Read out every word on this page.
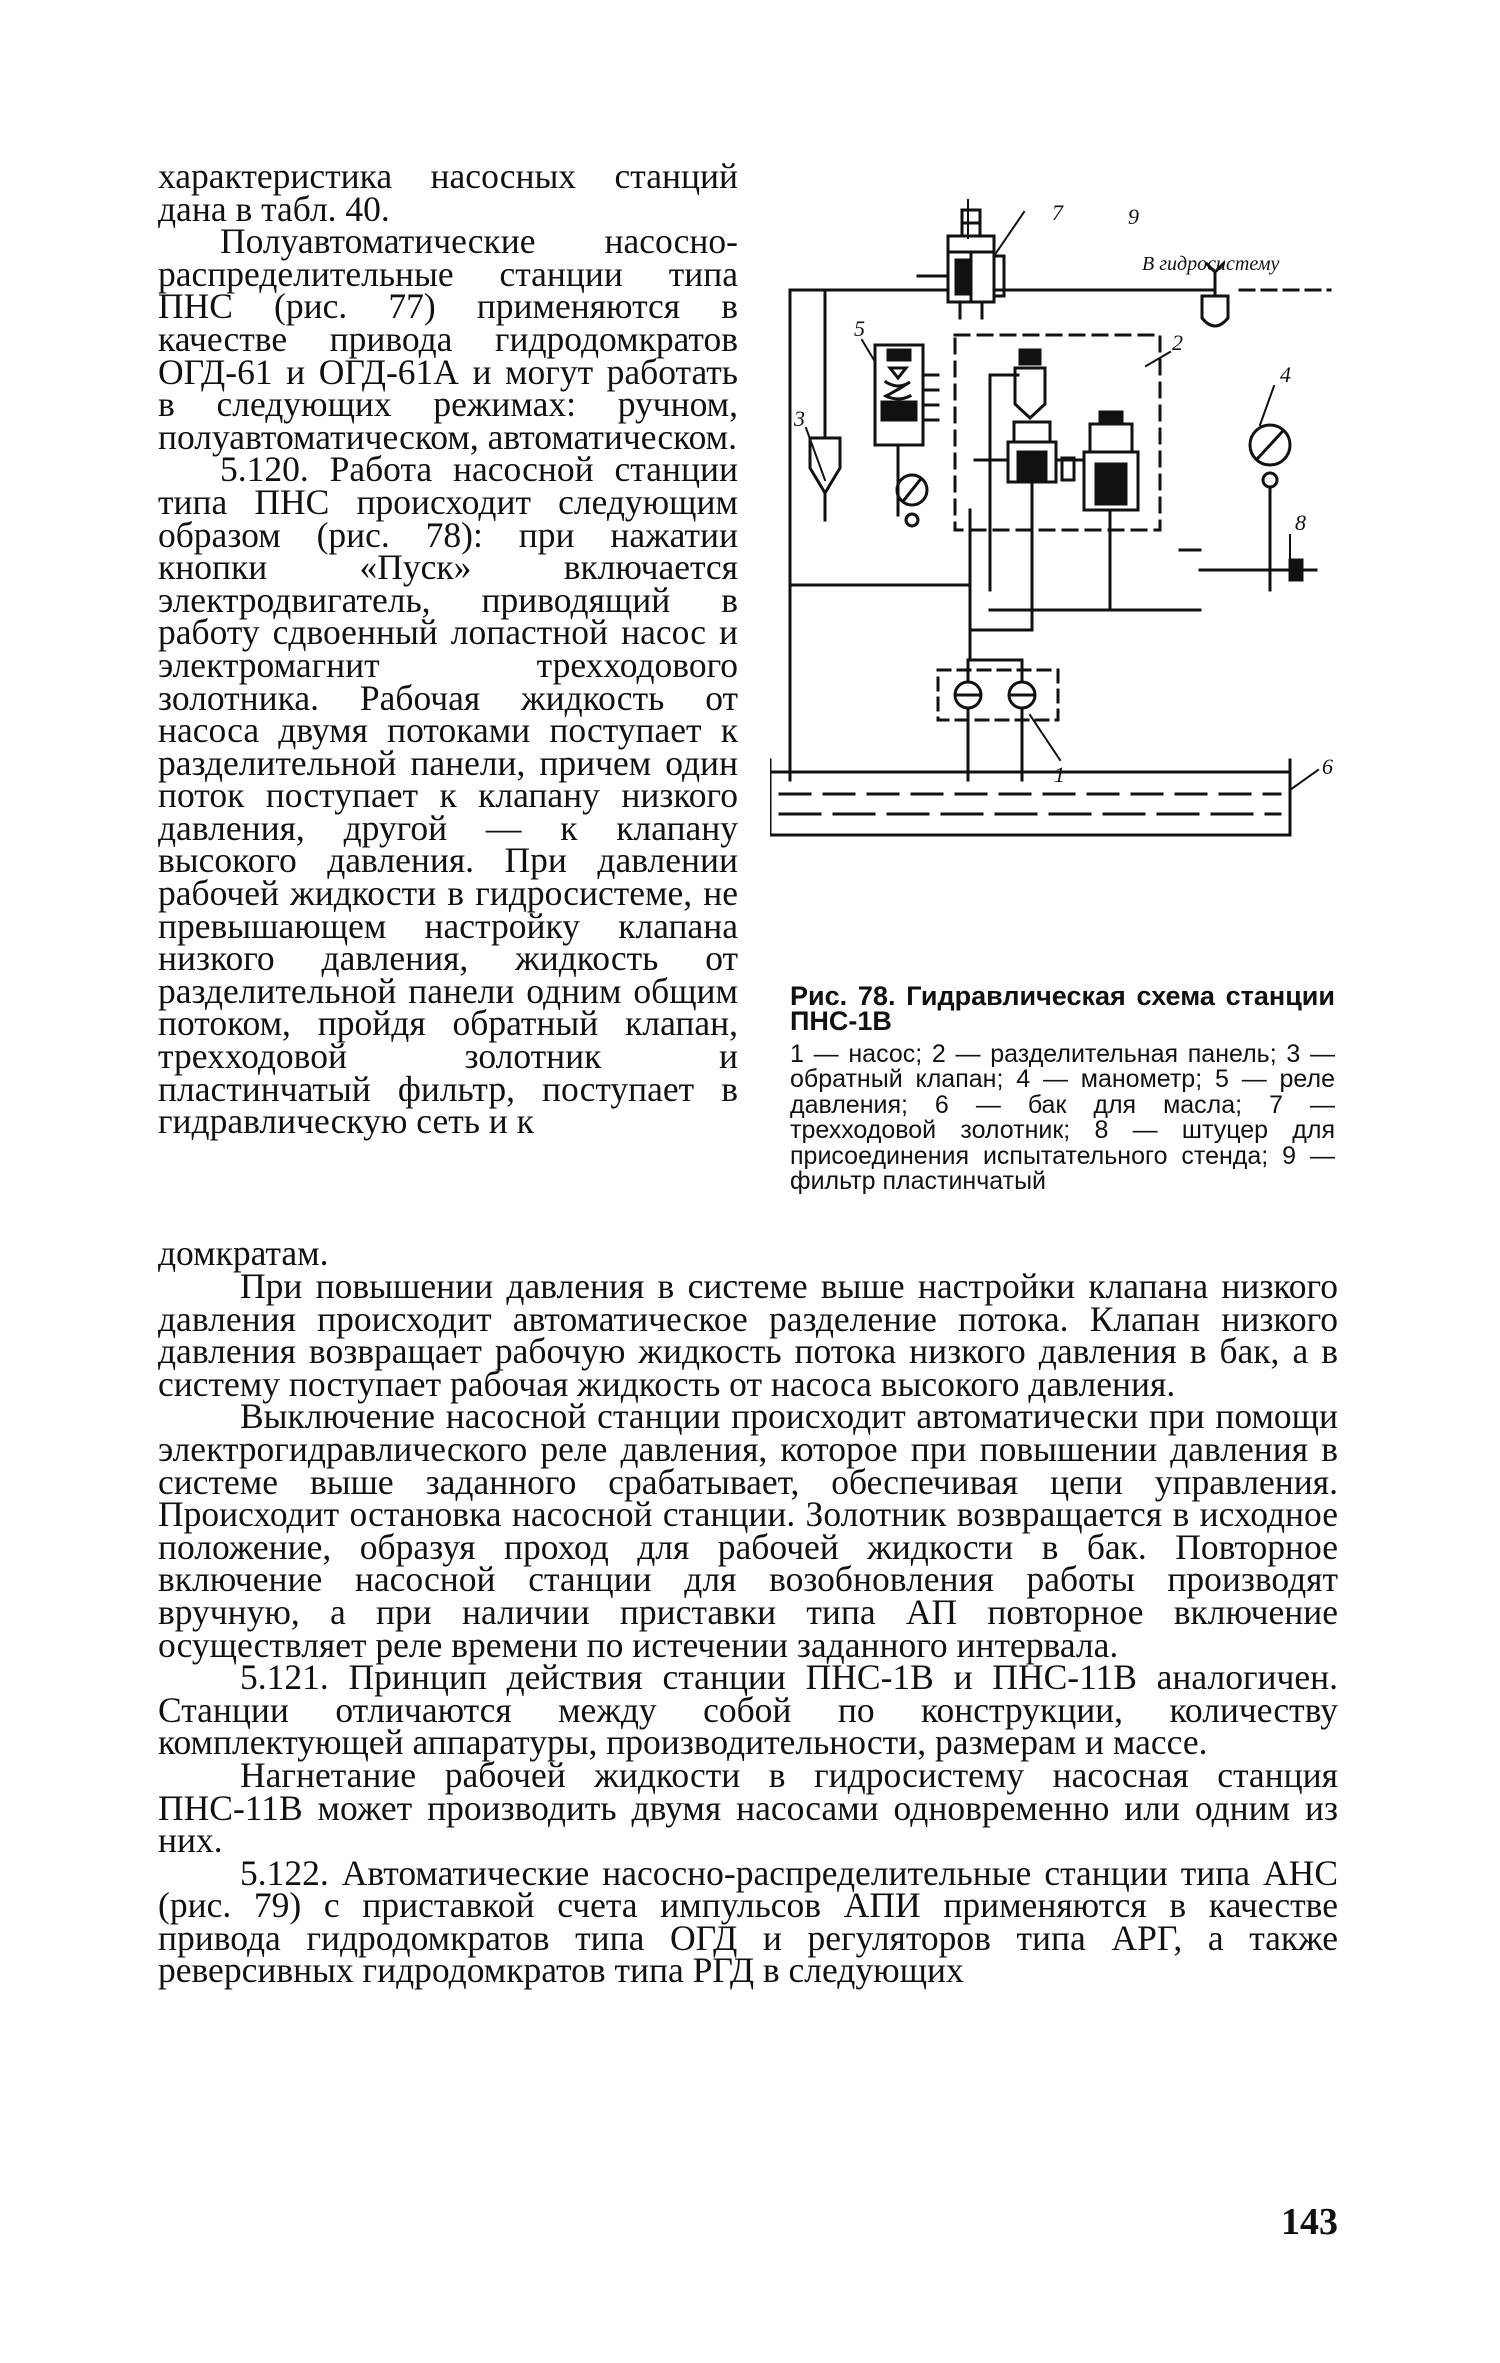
характеристика насосных станций дана в табл. 40.

Полуавтоматические насосно-распределительные станции типа ПНС (рис. 77) применяются в качестве привода гидродомкратов ОГД-61 и ОГД-61А и могут работать в следующих режимах: ручном, полуавтоматическом, автоматическом.

5.120. Работа насосной станции типа ПНС происходит следующим образом (рис. 78): при нажатии кнопки «Пуск» включается электродвигатель, приводящий в работу сдвоенный лопастной насос и электромагнит трехходового золотника. Рабочая жидкость от насоса двумя потоками поступает к разделительной панели, причем один поток поступает к клапану низкого давления, другой — к клапану высокого давления. При давлении рабочей жидкости в гидросистеме, не превышающем настройку клапана низкого давления, жидкость от разделительной панели одним общим потоком, пройдя обратный клапан, трехходовой золотник и пластинчатый фильтр, поступает в гидравлическую сеть и к

7	9
В гидросистему
2
4
5
3
8
1	6

Рис. 78. Гидравлическая схема станции ПНС-1В

1 — насос; 2 — разделительная панель; 3 — обратный клапан; 4 — манометр; 5 — реле давления; 6 — бак для масла; 7 — трехходовой золотник; 8 — штуцер для присоединения испытательного стенда; 9 — фильтр пластинчатый

домкратам.

При повышении давления в системе выше настройки клапана низкого давления происходит автоматическое разделение потока. Клапан низкого давления возвращает рабочую жидкость потока низкого давления в бак, а в систему поступает рабочая жидкость от насоса высокого давления.

Выключение насосной станции происходит автоматически при помощи электрогидравлического реле давления, которое при повышении давления в системе выше заданного срабатывает, обеспечивая цепи управления. Происходит остановка насосной станции. Золотник возвращается в исходное положение, образуя проход для рабочей жидкости в бак. Повторное включение насосной станции для возобновления работы производят вручную, а при наличии приставки типа АП повторное включение осуществляет реле времени по истечении заданного интервала.

5.121. Принцип действия станции ПНС-1В и ПНС-11В аналогичен. Станции отличаются между собой по конструкции, количеству комплектующей аппаратуры, производительности, размерам и массе.

Нагнетание рабочей жидкости в гидросистему насосная станция ПНС-11В может производить двумя насосами одновременно или одним из них.

5.122. Автоматические насосно-распределительные станции типа АНС (рис. 79) с приставкой счета импульсов АПИ применяются в качестве привода гидродомкратов типа ОГД и регуляторов типа АРГ, а также реверсивных гидродомкратов типа РГД в следующих

143
